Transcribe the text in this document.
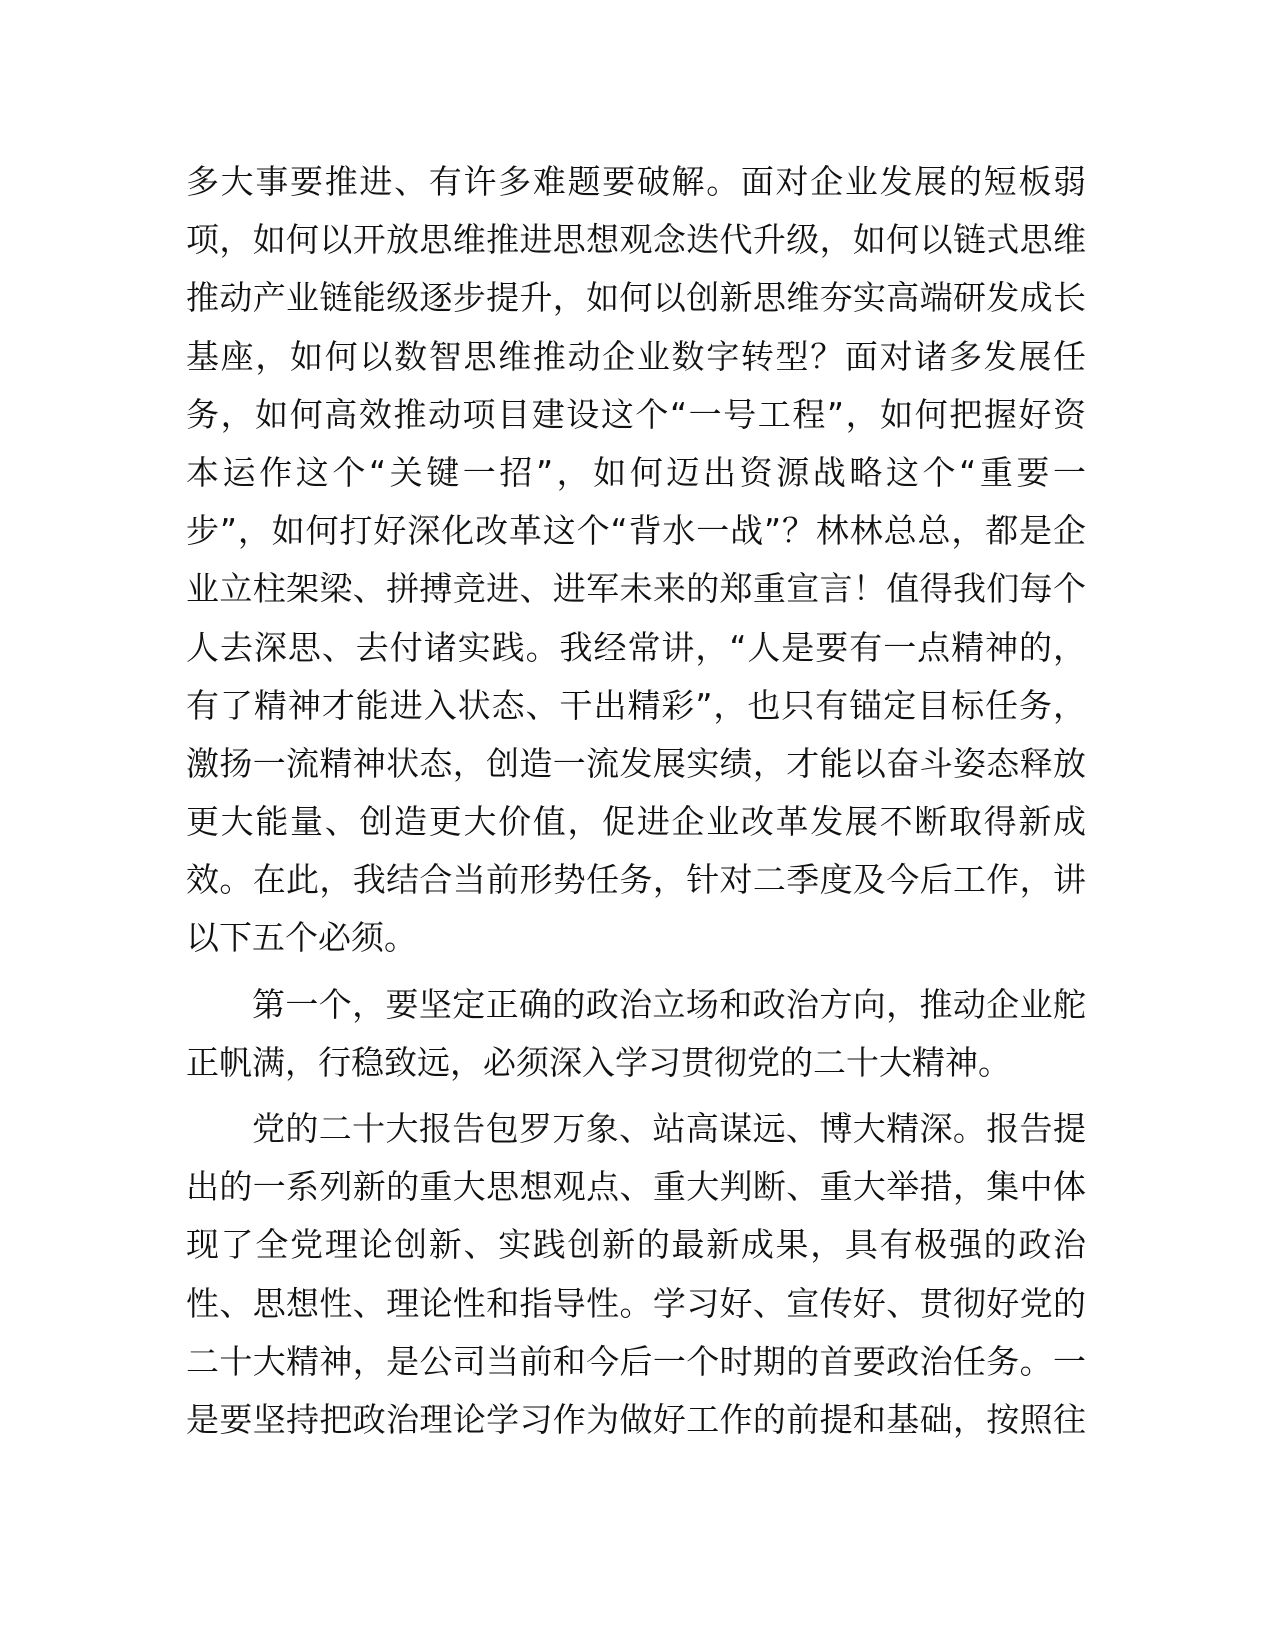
多大事要推进、有许多难题要破解。面对企业发展的短板弱
项，如何以开放思维推进思想观念迭代升级，如何以链式思维
推动产业链能级逐步提升，如何以创新思维夯实高端研发成长
基座，如何以数智思维推动企业数字转型？面对诸多发展任
务，如何高效推动项目建设这个“一号工程”，如何把握好资
本运作这个“关键一招”，如何迈出资源战略这个“重要一
步”，如何打好深化改革这个“背水一战”？林林总总，都是企
业立柱架梁、拼搏竞进、进军未来的郑重宣言！值得我们每个
人去深思、去付诸实践。我经常讲，“人是要有一点精神的，
有了精神才能进入状态、干出精彩”，也只有锚定目标任务，
激扬一流精神状态，创造一流发展实绩，才能以奋斗姿态释放
更大能量、创造更大价值，促进企业改革发展不断取得新成
效。在此，我结合当前形势任务，针对二季度及今后工作，讲
以下五个必须。
第一个，要坚定正确的政治立场和政治方向，推动企业舵
正帆满，行稳致远，必须深入学习贯彻党的二十大精神。
党的二十大报告包罗万象、站高谋远、博大精深。报告提
出的一系列新的重大思想观点、重大判断、重大举措，集中体
现了全党理论创新、实践创新的最新成果，具有极强的政治
性、思想性、理论性和指导性。学习好、宣传好、贯彻好党的
二十大精神，是公司当前和今后一个时期的首要政治任务。一
是要坚持把政治理论学习作为做好工作的前提和基础，按照往
